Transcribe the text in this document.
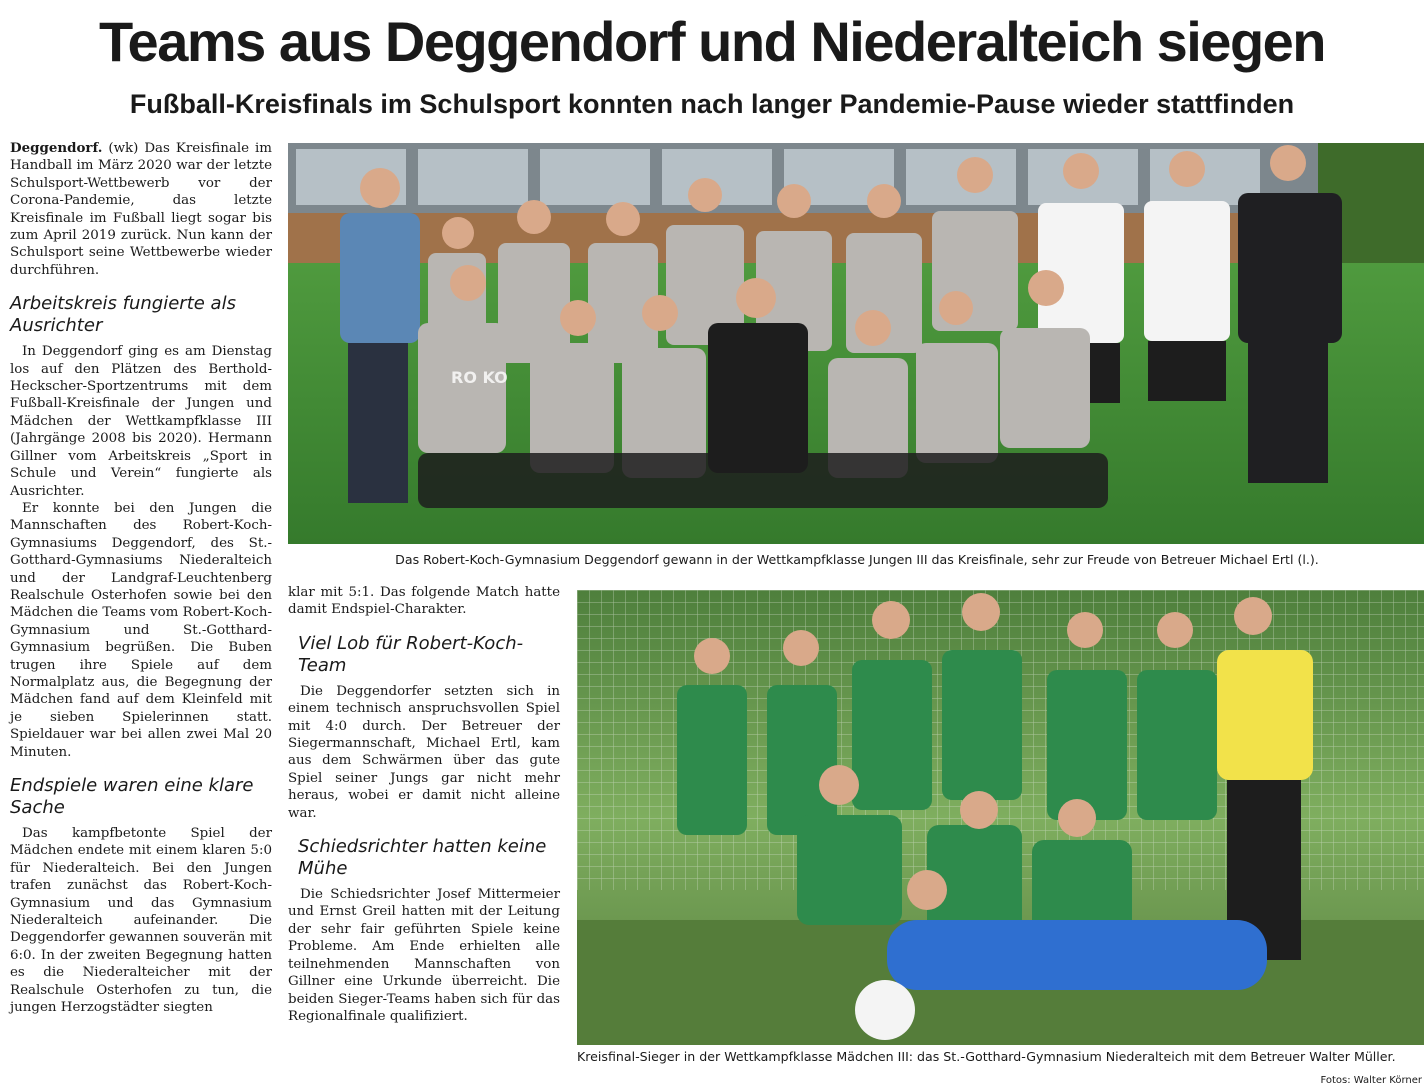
Teams aus Deggendorf und Niederalteich siegen
Fußball-Kreisfinals im Schulsport konnten nach langer Pandemie-Pause wieder stattfinden

Deggendorf. (wk) Das Kreisfinale im Handball im März 2020 war der letzte Schulsport-Wettbewerb vor der Corona-Pandemie, das letzte Kreisfinale im Fußball liegt sogar bis zum April 2019 zurück. Nun kann der Schulsport seine Wettbewerbe wieder durchführen.

Arbeitskreis fungierte als Ausrichter

In Deggendorf ging es am Dienstag los auf den Plätzen des Berthold-Heckscher-Sportzentrums mit dem Fußball-Kreisfinale der Jungen und Mädchen der Wettkampfklasse III (Jahrgänge 2008 bis 2020). Hermann Gillner vom Arbeitskreis „Sport in Schule und Verein“ fungierte als Ausrichter.

Er konnte bei den Jungen die Mannschaften des Robert-Koch-Gymnasiums Deggendorf, des St.-Gotthard-Gymnasiums Niederalteich und der Landgraf-Leuchtenberg Realschule Osterhofen sowie bei den Mädchen die Teams vom Robert-Koch-Gymnasium und St.-Gotthard-Gymnasium begrüßen. Die Buben trugen ihre Spiele auf dem Normalplatz aus, die Begegnung der Mädchen fand auf dem Kleinfeld mit je sieben Spielerinnen statt. Spieldauer war bei allen zwei Mal 20 Minuten.

Endspiele waren eine klare Sache

Das kampfbetonte Spiel der Mädchen endete mit einem klaren 5:0 für Niederalteich. Bei den Jungen trafen zunächst das Robert-Koch-Gymnasium und das Gymnasium Niederalteich aufeinander. Die Deggendorfer gewannen souverän mit 6:0. In der zweiten Begegnung hatten es die Niederalteicher mit der Realschule Osterhofen zu tun, die jungen Herzogstädter siegten

RO KO
Das Robert-Koch-Gymnasium Deggendorf gewann in der Wettkampfklasse Jungen III das Kreisfinale, sehr zur Freude von Betreuer Michael Ertl (l.).

klar mit 5:1. Das folgende Match hatte damit Endspiel-Charakter.

Viel Lob für Robert-Koch-Team

Die Deggendorfer setzten sich in einem technisch anspruchsvollen Spiel mit 4:0 durch. Der Betreuer der Siegermannschaft, Michael Ertl, kam aus dem Schwärmen über das gute Spiel seiner Jungs gar nicht mehr heraus, wobei er damit nicht alleine war.

Schiedsrichter hatten keine Mühe

Die Schiedsrichter Josef Mittermeier und Ernst Greil hatten mit der Leitung der sehr fair geführten Spiele keine Probleme. Am Ende erhielten alle teilnehmenden Mannschaften von Gillner eine Urkunde überreicht. Die beiden Sieger-Teams haben sich für das Regionalfinale qualifiziert.

Kreisfinal-Sieger in der Wettkampfklasse Mädchen III: das St.-Gotthard-Gymnasium Niederalteich mit dem Betreuer Walter Müller.
Fotos: Walter Körner
